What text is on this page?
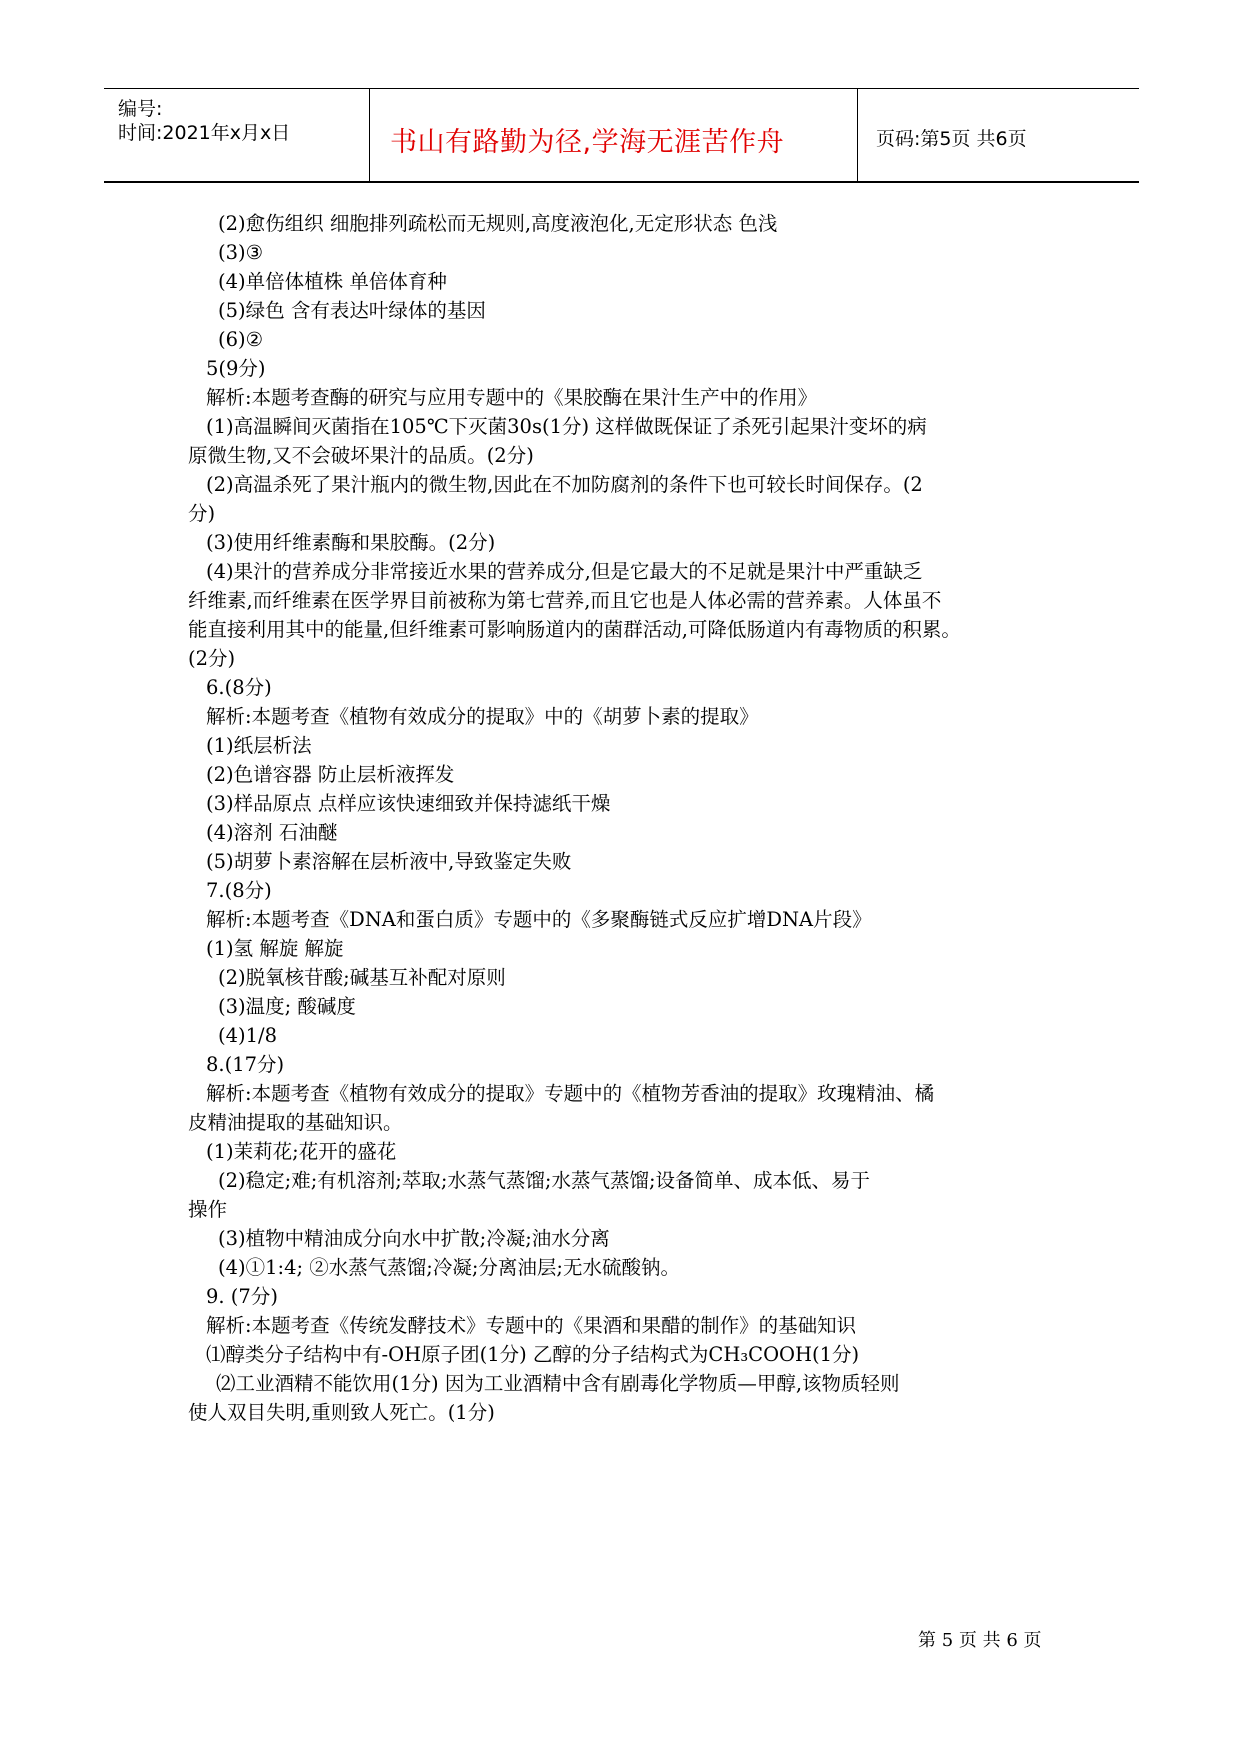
编号:
时间:2021年x月x日	书山有路勤为径,学海无涯苦作舟	页码:第5页 共6页
(2)愈伤组织 细胞排列疏松而无规则,高度液泡化,无定形状态 色浅
(3)③
(4)单倍体植株 单倍体育种
(5)绿色 含有表达叶绿体的基因
(6)②
5(9分)
解析:本题考查酶的研究与应用专题中的《果胶酶在果汁生产中的作用》
(1)高温瞬间灭菌指在105℃下灭菌30s(1分) 这样做既保证了杀死引起果汁变坏的病
原微生物,又不会破坏果汁的品质。(2分)
(2)高温杀死了果汁瓶内的微生物,因此在不加防腐剂的条件下也可较长时间保存。(2
分)
(3)使用纤维素酶和果胶酶。(2分)
(4)果汁的营养成分非常接近水果的营养成分,但是它最大的不足就是果汁中严重缺乏
纤维素,而纤维素在医学界目前被称为第七营养,而且它也是人体必需的营养素。人体虽不
能直接利用其中的能量,但纤维素可影响肠道内的菌群活动,可降低肠道内有毒物质的积累。
(2分)
6.(8分)
解析:本题考查《植物有效成分的提取》中的《胡萝卜素的提取》
(1)纸层析法
(2)色谱容器 防止层析液挥发
(3)样品原点 点样应该快速细致并保持滤纸干燥
(4)溶剂 石油醚
(5)胡萝卜素溶解在层析液中,导致鉴定失败
7.(8分)
解析:本题考查《DNA和蛋白质》专题中的《多聚酶链式反应扩增DNA片段》
(1)氢 解旋 解旋
(2)脱氧核苷酸;碱基互补配对原则
(3)温度; 酸碱度
(4)1/8
8.(17分)
解析:本题考查《植物有效成分的提取》专题中的《植物芳香油的提取》玫瑰精油、橘
皮精油提取的基础知识。
(1)茉莉花;花开的盛花
(2)稳定;难;有机溶剂;萃取;水蒸气蒸馏;水蒸气蒸馏;设备简单、成本低、易于
操作
(3)植物中精油成分向水中扩散;冷凝;油水分离
(4)①1:4; ②水蒸气蒸馏;冷凝;分离油层;无水硫酸钠。
9. (7分)
解析:本题考查《传统发酵技术》专题中的《果酒和果醋的制作》的基础知识
⑴醇类分子结构中有-OH原子团(1分) 乙醇的分子结构式为CH₃COOH(1分)
⑵工业酒精不能饮用(1分) 因为工业酒精中含有剧毒化学物质—甲醇,该物质轻则
使人双目失明,重则致人死亡。(1分)
第 5 页 共 6 页
